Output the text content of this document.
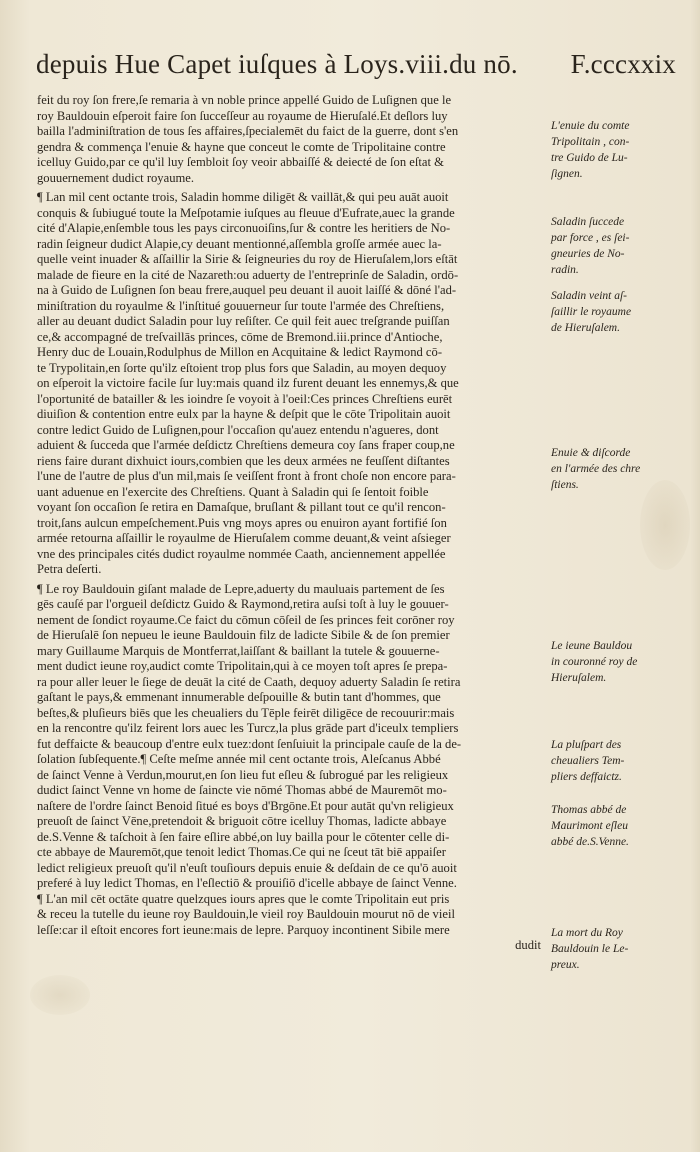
depuis Hue Capet iuſques à Loys.viii.du nō. F.cccxxix
feit du roy ſon frere,ſe remaria à vn noble prince appellé Guido de Luſignen que le
roy Bauldouin eſperoit faire ſon ſucceſſeur au royaume de Hieruſalé.Et deſlors luy
bailla l'adminiſtration de tous ſes affaires,ſpecialemēt du faict de la guerre, dont s'en
gendra & commença l'enuie & hayne que conceut le comte de Tripolitaine contre
icelluy Guido,par ce qu'il luy ſembloit ſoy veoir abbaiſſé & deiecté de ſon eſtat &
gouuernement dudict royaume.
¶ Lan mil cent octante trois, Saladin homme diligēt & vaillāt,& qui peu auāt auoit
conquis & ſubiugué toute la Meſpotamie iuſques au fleuue d'Eufrate,auec la grande
cité d'Alapie,enſemble tous les pays circonuoiſins,ſur & contre les heritiers de No-
radin ſeigneur dudict Alapie,cy deuant mentionné,aſſembla groſſe armée auec la-
quelle veint inuader & aſſaillir la Sirie & ſeigneuries du roy de Hieruſalem,lors eſtāt
malade de fieure en la cité de Nazareth:ou aduerty de l'entreprinſe de Saladin, ordō-
na à Guido de Luſignen ſon beau frere,auquel peu deuant il auoit laiſſé & dōné l'ad-
miniſtration du royaulme & l'inſtitué gouuerneur ſur toute l'armée des Chreſtiens,
aller au deuant dudict Saladin pour luy reſiſter. Ce quil feit auec treſgrande puiſſan
ce,& accompagné de treſvaillās princes, cōme de Bremond.iii.prince d'Antioche,
Henry duc de Louain,Rodulphus de Millon en Acquitaine & ledict Raymond cō-
te Trypolitain,en ſorte qu'ilz eſtoient trop plus fors que Saladin, au moyen dequoy
on eſperoit la victoire facile ſur luy:mais quand ilz furent deuant les ennemys,& que
l'oportunité de batailler & les ioindre ſe voyoit à l'oeil:Ces princes Chreſtiens eurēt
diuiſion & contention entre eulx par la hayne & deſpit que le cōte Tripolitain auoit
contre ledict Guido de Luſignen,pour l'occaſion qu'auez entendu n'agueres, dont
aduient & ſucceda que l'armée deſdictz Chreſtiens demeura coy ſans fraper coup,ne
riens faire durant dixhuict iours,combien que les deux armées ne feuſſent diſtantes
l'une de l'autre de plus d'un mil,mais ſe veiſſent front à front choſe non encore para-
uant aduenue en l'exercite des Chreſtiens. Quant à Saladin qui ſe ſentoit foible
voyant ſon occaſion ſe retira en Damaſque, bruſlant & pillant tout ce qu'il rencon-
troit,ſans aulcun empeſchement.Puis vng moys apres ou enuiron ayant fortifié ſon
armée retourna aſſaillir le royaulme de Hieruſalem comme deuant,& veint aſsieger
vne des principales cités dudict royaulme nommée Caath, anciennement appellée
Petra deſerti.
¶ Le roy Bauldouin giſant malade de Lepre,aduerty du mauluais partement de ſes
gēs cauſé par l'orgueil deſdictz Guido & Raymond,retira auſsi toſt à luy le gouuer-
nement de ſondict royaume.Ce faict du cōmun cōſeil de ſes princes feit corōner roy
de Hieruſalē ſon nepueu le ieune Bauldouin filz de ladicte Sibile & de ſon premier
mary Guillaume Marquis de Montferrat,laiſſant & baillant la tutele & gouuerne-
ment dudict ieune roy,audict comte Tripolitain,qui à ce moyen toſt apres ſe prepa-
ra pour aller leuer le ſiege de deuāt la cité de Caath, dequoy aduerty Saladin ſe retira
gaſtant le pays,& emmenant innumerable deſpouille & butin tant d'hommes, que
beſtes,& pluſieurs biēs que les cheualiers du Tēple feirēt diligēce de recouurir:mais
en la rencontre qu'ilz feirent lors auec les Turcz,la plus grāde part d'iceulx templiers
fut deffaicte & beaucoup d'entre eulx tuez:dont ſenſuiuit la principale cauſe de la de-
ſolation ſubſequente.¶ Ceſte meſme année mil cent octante trois, Aleſcanus Abbé
de ſainct Venne à Verdun,mourut,en ſon lieu fut eſleu & ſubrogué par les religieux
dudict ſainct Venne vn home de ſaincte vie nōmé Thomas abbé de Mauremōt mo-
naſtere de l'ordre ſainct Benoid ſitué es boys d'Brgōne.Et pour autāt qu'vn religieux
preuoſt de ſainct Vēne,pretendoit & briguoit cōtre icelluy Thomas, ladicte abbaye
de.S.Venne & taſchoit à ſen faire eſlire abbé,on luy bailla pour le cōtenter celle di-
cte abbaye de Mauremōt,que tenoit ledict Thomas.Ce qui ne ſceut tāt biē appaiſer
ledict religieux preuoſt qu'il n'euſt touſiours depuis enuie & deſdain de ce qu'ō auoit
preferé à luy ledict Thomas, en l'eſlectiō & prouiſiō d'icelle abbaye de ſainct Venne.
¶ L'an mil cēt octāte quatre quelzques iours apres que le comte Tripolitain eut pris
& receu la tutelle du ieune roy Bauldouin,le vieil roy Bauldouin mourut nō de vieil
leſſe:car il eſtoit encores fort ieune:mais de lepre. Parquoy incontinent Sibile mere
dudit
L'enuie du comte
Tripolitain , con-
tre Guido de Lu-
ſignen.
Saladin ſuccede
par force , es ſei-
gneuries de No-
radin.
Saladin veint aſ-
ſaillir le royaume
de Hieruſalem.
Enuie & diſcorde
en l'armée des chre
ſtiens.
Le ieune Bauldou
in couronné roy de
Hieruſalem.
La pluſpart des
cheualiers Tem-
pliers deffaictz.
Thomas abbé de
Maurimont eſleu
abbé de.S.Venne.
La mort du Roy
Bauldouin le Le-
preux.
